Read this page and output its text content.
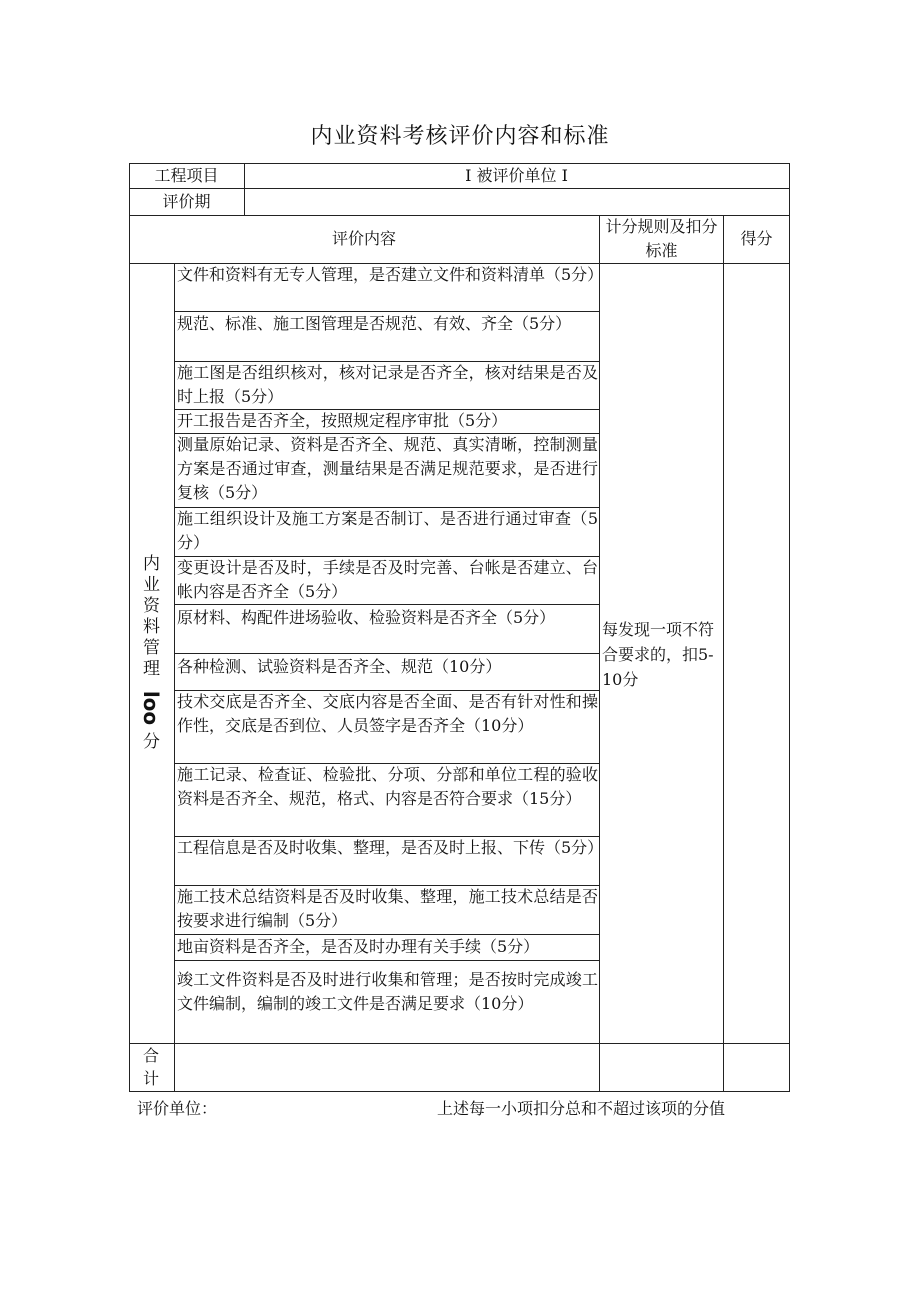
内业资料考核评价内容和标准
工程项目	I 被评价单位 I
评价期
评价内容
计分规则及扣分标准
得分
内
业
资
料
管
理
loo
分
文件和资料有无专人管理，是否建立文件和资料清单（5分）
规范、标准、施工图管理是否规范、有效、齐全（5分）
施工图是否组织核对，核对记录是否齐全，核对结果是否及时上报（5分）
开工报告是否齐全，按照规定程序审批（5分）
测量原始记录、资料是否齐全、规范、真实清晰，控制测量方案是否通过审查，测量结果是否满足规范要求，是否进行复核（5分）
施工组织设计及施工方案是否制订、是否进行通过审查（5分）
变更设计是否及时，手续是否及时完善、台帐是否建立、台帐内容是否齐全（5分）
原材料、构配件进场验收、检验资料是否齐全（5分）
各种检测、试验资料是否齐全、规范（10分）
技术交底是否齐全、交底内容是否全面、是否有针对性和操作性，交底是否到位、人员签字是否齐全（10分）
施工记录、检查证、检验批、分项、分部和单位工程的验收资料是否齐全、规范，格式、内容是否符合要求（15分）
工程信息是否及时收集、整理，是否及时上报、下传（5分）
施工技术总结资料是否及时收集、整理，施工技术总结是否按要求进行编制（5分）
地亩资料是否齐全，是否及时办理有关手续（5分）
竣工文件资料是否及时进行收集和管理；是否按时完成竣工文件编制，编制的竣工文件是否满足要求（10分）
每发现一项不符合要求的，扣5-10分
合计
评价单位：	上述每一小项扣分总和不超过该项的分值
